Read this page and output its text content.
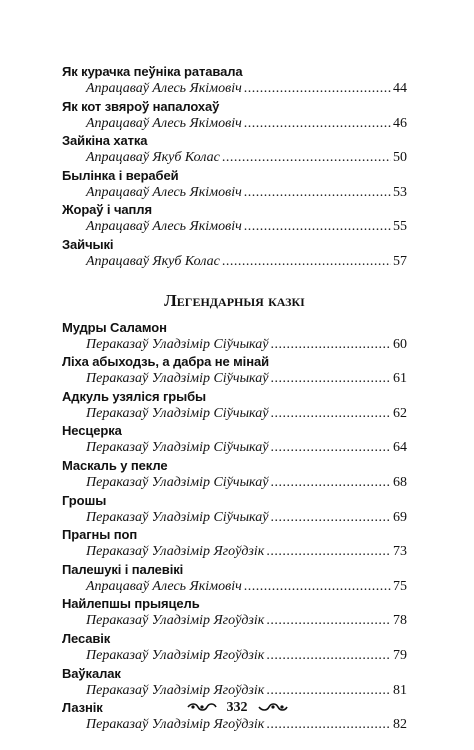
Як курачка пеўніка ратавала
Апрацаваў Алесь Якімовіч .....	44
Як кот звяроў напалохаў
Апрацаваў Алесь Якімовіч .....	46
Зайкіна хатка
Апрацаваў Якуб Колас .....	50
Былінка і верабей
Апрацаваў Алесь Якімовіч .....	53
Жораў і чапля
Апрацаваў Алесь Якімовіч .....	55
Зайчыкі
Апрацаваў Якуб Колас .....	57
Легендарныя казкі
Мудры Саламон
Пераказаў Уладзімір Сіўчыкаў .....	60
Ліха абыходзь, а дабра не мінай
Пераказаў Уладзімір Сіўчыкаў .....	61
Адкуль узяліся грыбы
Пераказаў Уладзімір Сіўчыкаў .....	62
Несцерка
Пераказаў Уладзімір Сіўчыкаў .....	64
Маскаль у пекле
Пераказаў Уладзімір Сіўчыкаў .....	68
Грошы
Пераказаў Уладзімір Сіўчыкаў .....	69
Прагны поп
Пераказаў Уладзімір Ягоўдзік .....	73
Палешукі і палевікі
Апрацаваў Алесь Якімовіч .....	75
Найлепшы прыяцель
Пераказаў Уладзімір Ягоўдзік .....	78
Лесавік
Пераказаў Уладзімір Ягоўдзік .....	79
Ваўкалак
Пераказаў Уладзімір Ягоўдзік .....	81
Лазнік
Пераказаў Уладзімір Ягоўдзік .....	82
332
